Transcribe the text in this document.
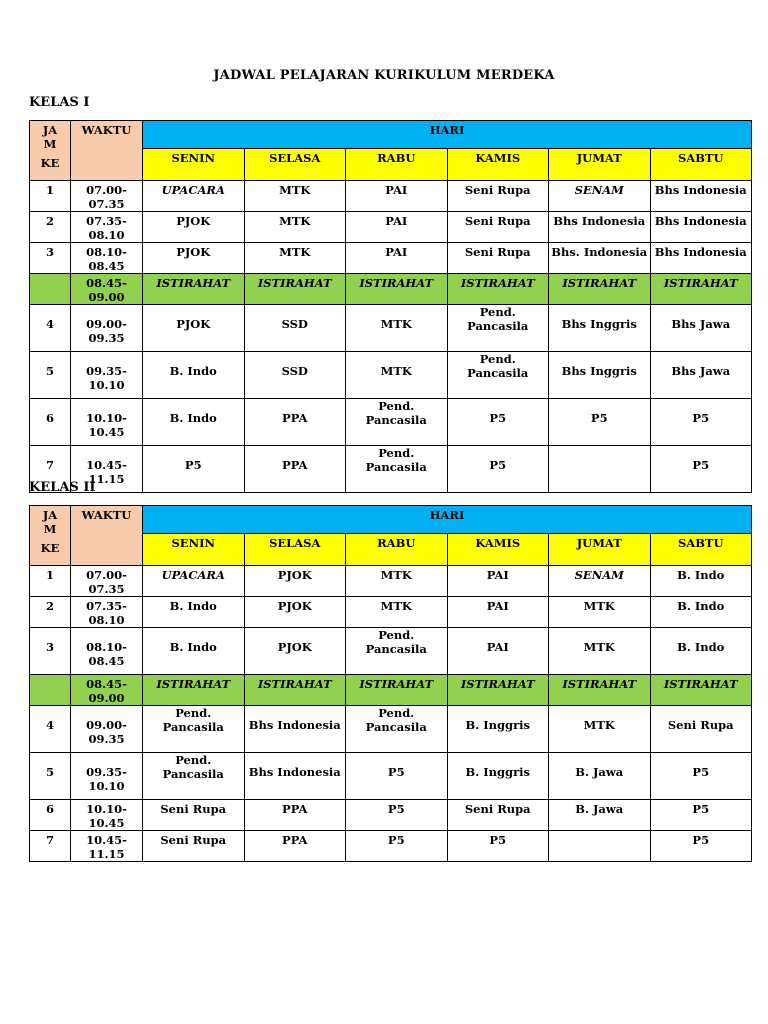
JADWAL PELAJARAN KURIKULUM MERDEKA
KELAS I
JA
M
KE	WAKTU	HARI					
		SENIN	SELASA	RABU	KAMIS	JUMAT	SABTU
1	07.00-07.35	UPACARA	MTK	PAI	Seni Rupa	SENAM	Bhs Indonesia
2	07.35-08.10	PJOK	MTK	PAI	Seni Rupa	Bhs Indonesia	Bhs Indonesia
3	08.10-08.45	PJOK	MTK	PAI	Seni Rupa	Bhs. Indonesia	Bhs Indonesia
	08.45-09.00	ISTIRAHAT	ISTIRAHAT	ISTIRAHAT	ISTIRAHAT	ISTIRAHAT	ISTIRAHAT
4	09.00-09.35	PJOK	SSD	MTK	Pend. Pancasila	Bhs Inggris	Bhs Jawa
5	09.35-10.10	B. Indo	SSD	MTK	Pend. Pancasila	Bhs Inggris	Bhs Jawa
6	10.10-10.45	B. Indo	PPA	Pend. Pancasila	P5	P5	P5
7	10.45-11.15	P5	PPA	Pend. Pancasila	P5		P5
KELAS II
JA
M
KE	WAKTU	HARI					
		SENIN	SELASA	RABU	KAMIS	JUMAT	SABTU
1	07.00-07.35	UPACARA	PJOK	MTK	PAI	SENAM	B. Indo
2	07.35-08.10	B. Indo	PJOK	MTK	PAI	MTK	B. Indo
3	08.10-08.45	B. Indo	PJOK	Pend. Pancasila	PAI	MTK	B. Indo
	08.45-09.00	ISTIRAHAT	ISTIRAHAT	ISTIRAHAT	ISTIRAHAT	ISTIRAHAT	ISTIRAHAT
4	09.00-09.35	Pend. Pancasila	Bhs Indonesia	Pend. Pancasila	B. Inggris	MTK	Seni Rupa
5	09.35-10.10	Pend. Pancasila	Bhs Indonesia	P5	B. Inggris	B. Jawa	P5
6	10.10-10.45	Seni Rupa	PPA	P5	Seni Rupa	B. Jawa	P5
7	10.45-11.15	Seni Rupa	PPA	P5	P5		P5
